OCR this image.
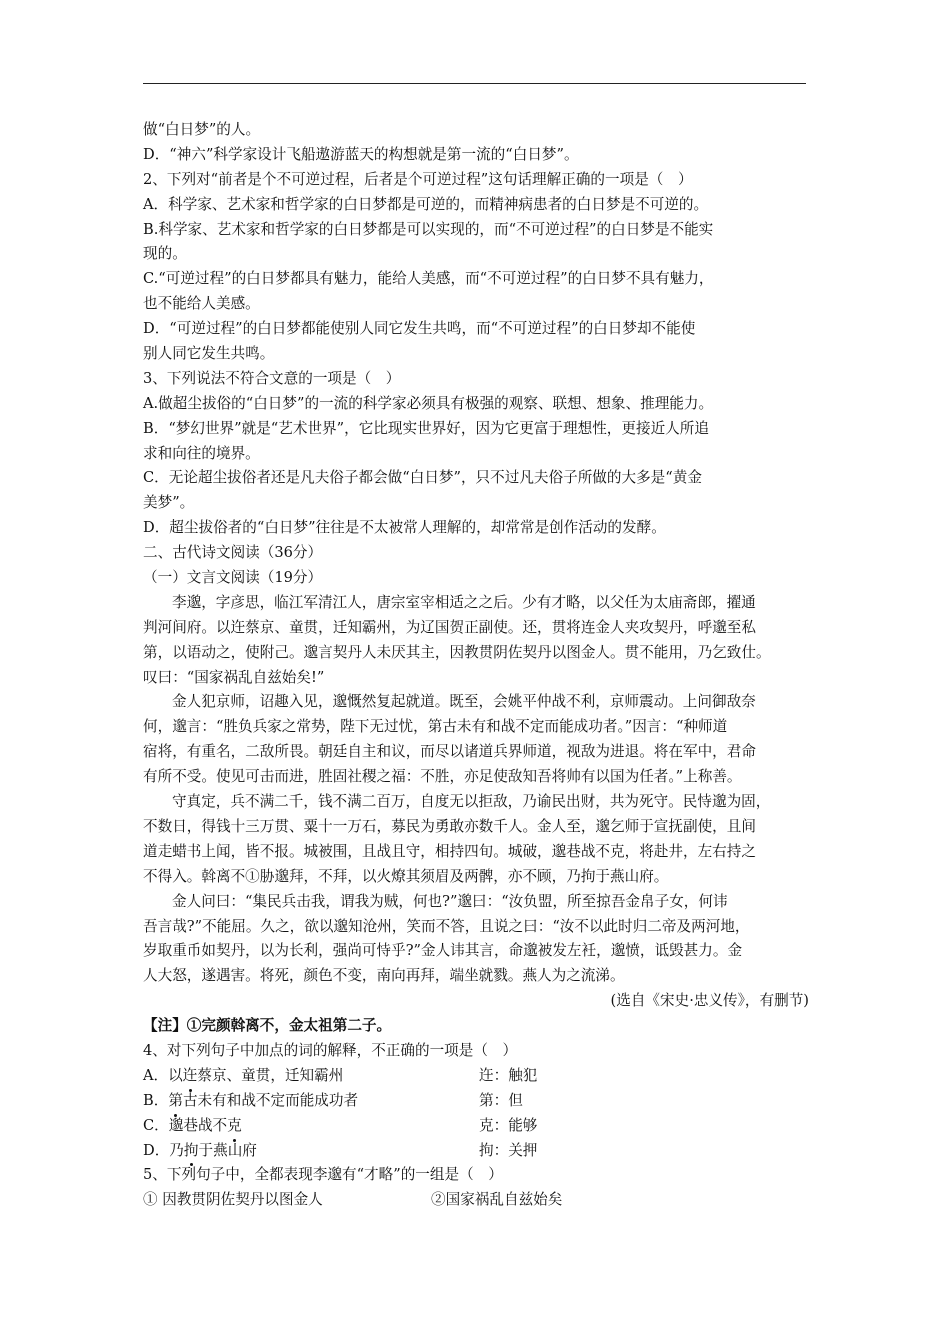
做“白日梦”的人。
D．“神六”科学家设计飞船遨游蓝天的构想就是第一流的“白日梦”。
2、下列对“前者是个不可逆过程，后者是个可逆过程”这句话理解正确的一项是（　）
A．科学家、艺术家和哲学家的白日梦都是可逆的，而精神病患者的白日梦是不可逆的。
B.科学家、艺术家和哲学家的白日梦都是可以实现的，而“不可逆过程”的白日梦是不能实
现的。
C.“可逆过程”的白日梦都具有魅力，能给人美感，而“不可逆过程”的白日梦不具有魅力，
也不能给人美感。
D．“可逆过程”的白日梦都能使别人同它发生共鸣，而“不可逆过程”的白日梦却不能使
别人同它发生共鸣。
3、下列说法不符合文意的一项是（　）
A.做超尘拔俗的“白日梦”的一流的科学家必须具有极强的观察、联想、想象、推理能力。
B．“梦幻世界”就是“艺术世界”，它比现实世界好，因为它更富于理想性，更接近人所追
求和向往的境界。
C．无论超尘拔俗者还是凡夫俗子都会做“白日梦”，只不过凡夫俗子所做的大多是“黄金
美梦”。
D．超尘拔俗者的“白日梦”往往是不太被常人理解的，却常常是创作活动的发酵。
二、古代诗文阅读（36分）
（一）文言文阅读（19分）
李邈，字彦思，临江军清江人，唐宗室宰相适之之后。少有才略，以父任为太庙斋郎，擢通
判河间府。以迕蔡京、童贯，迁知霸州，为辽国贺正副使。还，贯将连金人夹攻契丹，呼邈至私
第，以语动之，使附己。邈言契丹人未厌其主，因教贯阴佐契丹以图金人。贯不能用，乃乞致仕。
叹曰：“国家祸乱自兹始矣!”
金人犯京师，诏趣入见，邈慨然复起就道。既至，会姚平仲战不利，京师震动。上问御敌奈
何，邈言：“胜负兵家之常势，陛下无过忧，第古未有和战不定而能成功者。”因言：“种师道
宿将，有重名，二敌所畏。朝廷自主和议，而尽以诸道兵界师道，视敌为进退。将在军中，君命
有所不受。使见可击而进，胜固社稷之福：不胜，亦足使敌知吾将帅有以国为任者。”上称善。
守真定，兵不满二千，钱不满二百万，自度无以拒敌，乃谕民出财，共为死守。民恃邈为固，
不数日，得钱十三万贯、粟十一万石，募民为勇敢亦数千人。金人至，邈乞师于宣抚副使，且间
道走蜡书上闻，皆不报。城被围，且战且守，相持四旬。城破，邈巷战不克，将赴井，左右持之
不得入。斡离不①胁邈拜，不拜，以火燎其须眉及两髀，亦不顾，乃拘于燕山府。
金人问曰：“集民兵击我，谓我为贼，何也?”邈曰：“汝负盟，所至掠吾金帛子女，何讳
吾言哉?”不能屈。久之，欲以邈知沧州，笑而不答，且说之曰：“汝不以此时归二帝及两河地，
岁取重币如契丹，以为长利，强尚可恃乎?”金人讳其言，命邈被发左衽，邈愤，诋毁甚力。金
人大怒，遂遇害。将死，颜色不变，南向再拜，端坐就戮。燕人为之流涕。
(选自《宋史·忠义传》，有删节)
【注】①完颜斡离不，金太祖第二子。
4、对下列句子中加点的词的解释，不正确的一项是（　）
A．以迕蔡京、童贯，迁知霸州	迕：触犯
B．第古未有和战不定而能成功者	第：但
C．邈巷战不克	克：能够
D．乃拘于燕山府	拘：关押
5、下列句子中，全都表现李邈有“才略”的一组是（　）
① 因教贯阴佐契丹以图金人	②国家祸乱自兹始矣
